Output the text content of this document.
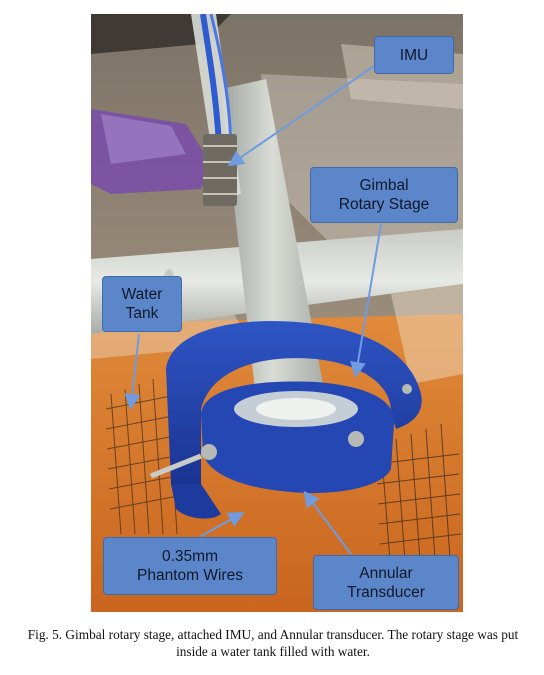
IMU
Gimbal
Rotary Stage
Water
Tank
0.35mm
Phantom Wires	Annular
Transducer
Fig. 5. Gimbal rotary stage, attached IMU, and Annular transducer. The rotary stage was put inside a water tank filled with water.
